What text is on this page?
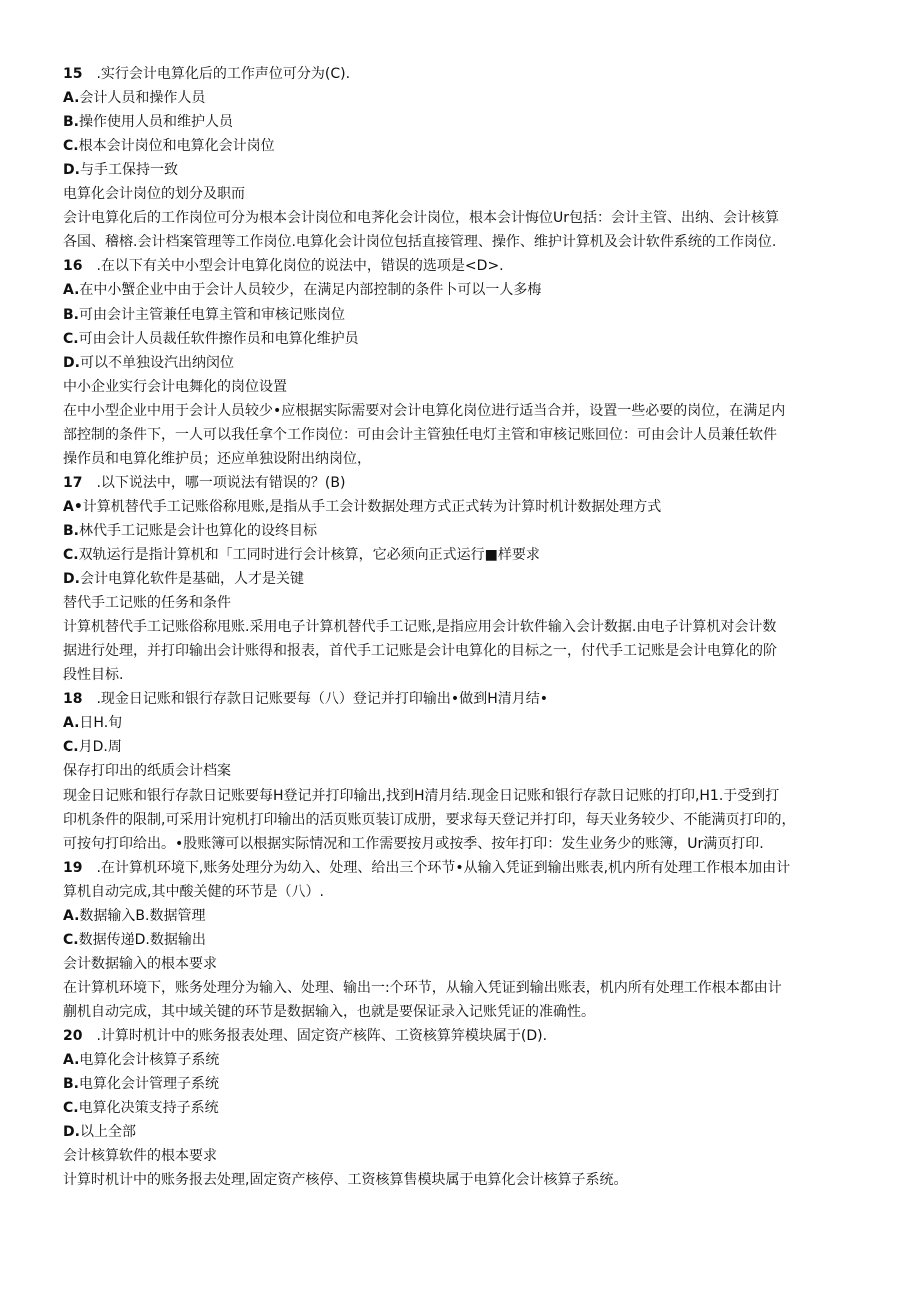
15 .实行会计电算化后的工作声位可分为(C).
A.会计人员和操作人员
B.操作使用人员和维护人员
C.根本会计岗位和电算化会计岗位
D.与手工保持一致
电算化会计岗位的划分及职而
会计电算化后的工作岗位可分为根本会计岗位和电荠化会计岗位，根本会计悔位Ur包括：会计主管、出纳、会计核算
各国、稽榕.会计档案管理等工作岗位.电算化会计岗位包括直接管理、操作、维护计算机及会计软件系统的工作岗位.
16 .在以下有关中小型会计电算化岗位的说法中，错误的选项是<D>.
A.在中小蟹企业中由于会计人员较少，在满足内部控制的条件卜可以一人多梅
B.可由会计主管兼任电算主管和审核记账岗位
C.可由会计人员裁任软件擦作员和电算化维护员
D.可以不单独设汽出纳闵位
中小企业实行会计电舞化的岗位设置
在中小型企业中用于会计人员较少•应根据实际需要对会计电算化岗位进行适当合并，设置一些必要的岗位，在满足内
部控制的条件下，一人可以我任拿个工作岗位：可由会计主管独任电灯主管和审核记账回位：可由会计人员兼任软件
操作员和电算化维护员；还应单独设附出纳岗位，
17 .以下说法中，哪一项说法有错误的？(B)
A•计算机替代手工记账俗称甩账,是指从手工会计数据处理方式正式转为计算时机计数据处理方式
B.林代手工记账是会计也算化的设终目标
C.双轨运行是指计算机和「工同时进行会计核算，它必须向正式运行■样要求
D.会计电算化软件是基础，人才是关键
替代手工记账的任务和条件
计算机替代手工记账俗称甩账.采用电子计算机替代手工记账,是指应用会计软件输入会计数据.由电子计算机对会计数
据进行处理，并打印输出会计账得和报表，首代手工记账是会计电算化的目标之一，付代手工记账是会计电算化的阶
段性目标.
18 .现金日记账和银行存款日记账要每（八）登记并打印输出•做到H清月结•
A.日H.旬
C.月D.周
保存打印出的纸质会计档案
现金日记账和银行存款日记账要每H登记并打印输出,找到H清月结.现金日记账和银行存款日记账的打印,H1.于受到打
印机条件的限制,可采用计宛机打印输出的活页账页装订成册，要求每天登记并打印，每天业务较少、不能满页打印的，
可按句打印给出。•股账簿可以根据实际情况和工作需要按月或按季、按年打印：发生业务少的账簿，Ur满页打印.
19 .在计算机环境下,账务处理分为幼入、处理、给出三个环节•从输入凭证到输出账表,机内所有处理工作根本加由计
算机自动完成,其中酸关健的环节是（八）.
A.数据输入B.数据管理
C.数据传递D.数据输出
会计数据输入的根本要求
在计算机环境下，账务处理分为输入、处理、输出一:个环节，从输入凭证到输出账表，机内所有处理工作根本都由计
蒯机自动完成，其中域关键的环节是数据输入，也就是要保证录入记账凭证的准确性。
20 .计算时机计中的账务报表处理、固定资产核阵、工资核算笄模块属于(D).
A.电算化会计核算子系统
B.电算化会计管理子系统
C.电算化决策支持子系统
D.以上全部
会计核算软件的根本要求
计算时机计中的账务报去处理,固定资产核停、工资核算售模块属于电算化会计核算子系统。
